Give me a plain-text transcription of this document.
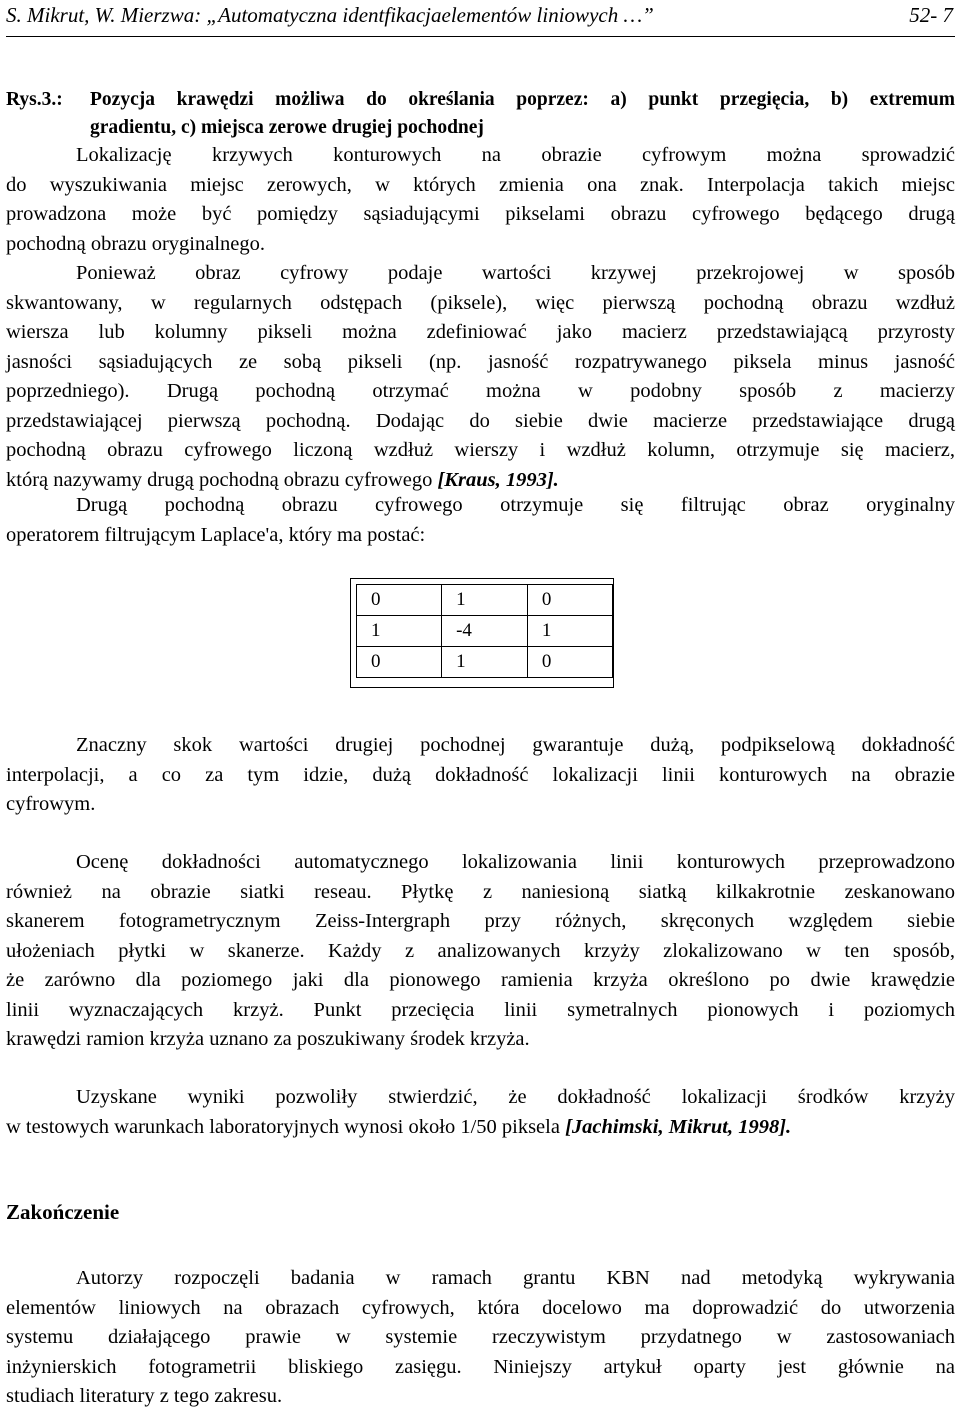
S. Mikrut, W. Mierzwa: „Automatyczna identfikacjaelementów liniowych …”	52- 7
Rys.3.: Pozycja krawędzi możliwa do określania poprzez: a) punkt przegięcia, b) extremum
gradientu, c) miejsca zerowe drugiej pochodnej
Lokalizację krzywych konturowych na obrazie cyfrowym można sprowadzić
do wyszukiwania miejsc zerowych, w których zmienia ona znak. Interpolacja takich miejsc
prowadzona może być pomiędzy sąsiadującymi pikselami obrazu cyfrowego będącego drugą
pochodną obrazu oryginalnego.
Ponieważ obraz cyfrowy podaje wartości krzywej przekrojowej w sposób
skwantowany, w regularnych odstępach (piksele), więc pierwszą pochodną obrazu wzdłuż
wiersza lub kolumny pikseli można zdefiniować jako macierz przedstawiającą przyrosty
jasności sąsiadujących ze sobą pikseli (np. jasność rozpatrywanego piksela minus jasność
poprzedniego). Drugą pochodną otrzymać można w podobny sposób z macierzy
przedstawiającej pierwszą pochodną. Dodając do siebie dwie macierze przedstawiające drugą
pochodną obrazu cyfrowego liczoną wzdłuż wierszy i wzdłuż kolumn, otrzymuje się macierz,
którą nazywamy drugą pochodną obrazu cyfrowego [Kraus, 1993].
Drugą pochodną obrazu cyfrowego otrzymuje się filtrując obraz oryginalny
operatorem filtrującym Laplace'a, który ma postać:
0	1	0
1	-4	1
0	1	0
Znaczny skok wartości drugiej pochodnej gwarantuje dużą, podpikselową dokładność
interpolacji, a co za tym idzie, dużą dokładność lokalizacji linii konturowych na obrazie
cyfrowym.
Ocenę dokładności automatycznego lokalizowania linii konturowych przeprowadzono
również na obrazie siatki reseau. Płytkę z naniesioną siatką kilkakrotnie zeskanowano
skanerem fotogrametrycznym Zeiss-Intergraph przy różnych, skręconych względem siebie
ułożeniach płytki w skanerze. Każdy z analizowanych krzyży zlokalizowano w ten sposób,
że zarówno dla poziomego jaki dla pionowego ramienia krzyża określono po dwie krawędzie
linii wyznaczających krzyż. Punkt przecięcia linii symetralnych pionowych i poziomych
krawędzi ramion krzyża uznano za poszukiwany środek krzyża.
Uzyskane wyniki pozwoliły stwierdzić, że dokładność lokalizacji środków krzyży
w testowych warunkach laboratoryjnych wynosi około 1/50 piksela [Jachimski, Mikrut, 1998].
Zakończenie
Autorzy rozpoczęli badania w ramach grantu KBN nad metodyką wykrywania
elementów liniowych na obrazach cyfrowych, która docelowo ma doprowadzić do utworzenia
systemu działającego prawie w systemie rzeczywistym przydatnego w zastosowaniach
inżynierskich fotogrametrii bliskiego zasięgu. Niniejszy artykuł oparty jest głównie na
studiach literatury z tego zakresu.
